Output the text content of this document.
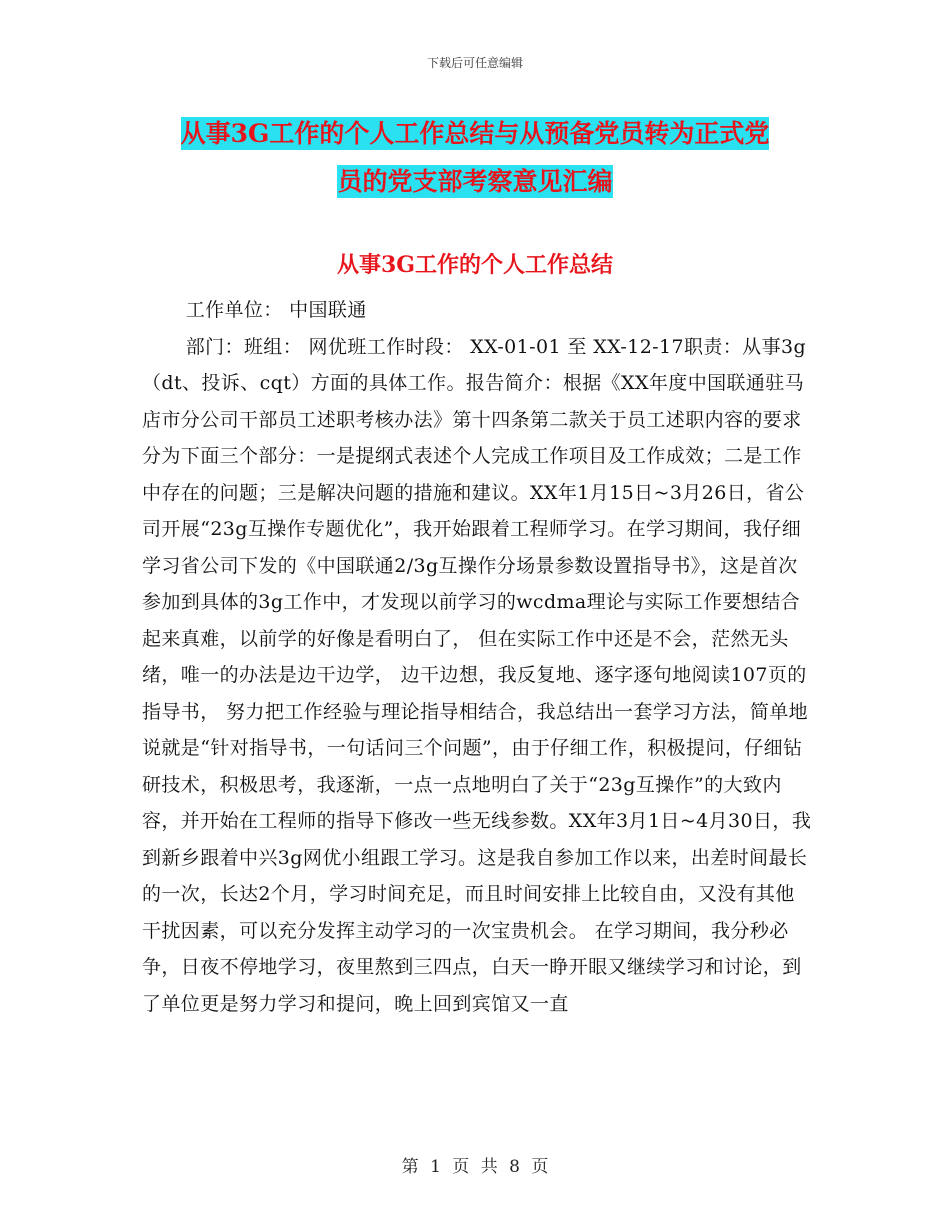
下载后可任意编辑
从事3G工作的个人工作总结与从预备党员转为正式党
员的党支部考察意见汇编
从事3G工作的个人工作总结

工作单位： 中国联通

部门：班组： 网优班工作时段： XX-01-01 至 XX-12-17职责：从事3g（dt、投诉、cqt）方面的具体工作。报告简介：根据《XX年度中国联通驻马店市分公司干部员工述职考核办法》第十四条第二款关于员工述职内容的要求分为下面三个部分：一是提纲式表述个人完成工作项目及工作成效；二是工作中存在的问题；三是解决问题的措施和建议。XX年1月15日~3月26日，省公司开展“23g互操作专题优化”，我开始跟着工程师学习。在学习期间，我仔细学习省公司下发的《中国联通2/3g互操作分场景参数设置指导书》，这是首次参加到具体的3g工作中，才发现以前学习的wcdma理论与实际工作要想结合起来真难，以前学的好像是看明白了， 但在实际工作中还是不会，茫然无头绪，唯一的办法是边干边学， 边干边想，我反复地、逐字逐句地阅读107页的指导书， 努力把工作经验与理论指导相结合，我总结出一套学习方法，简单地说就是“针对指导书，一句话问三个问题”，由于仔细工作，积极提问，仔细钻研技术，积极思考，我逐渐，一点一点地明白了关于“23g互操作”的大致内容，并开始在工程师的指导下修改一些无线参数。XX年3月1日~4月30日，我到新乡跟着中兴3g网优小组跟工学习。这是我自参加工作以来，出差时间最长的一次，长达2个月，学习时间充足，而且时间安排上比较自由，又没有其他干扰因素，可以充分发挥主动学习的一次宝贵机会。 在学习期间，我分秒必争，日夜不停地学习，夜里熬到三四点，白天一睁开眼又继续学习和讨论，到了单位更是努力学习和提问，晚上回到宾馆又一直

第 1 页 共 8 页
